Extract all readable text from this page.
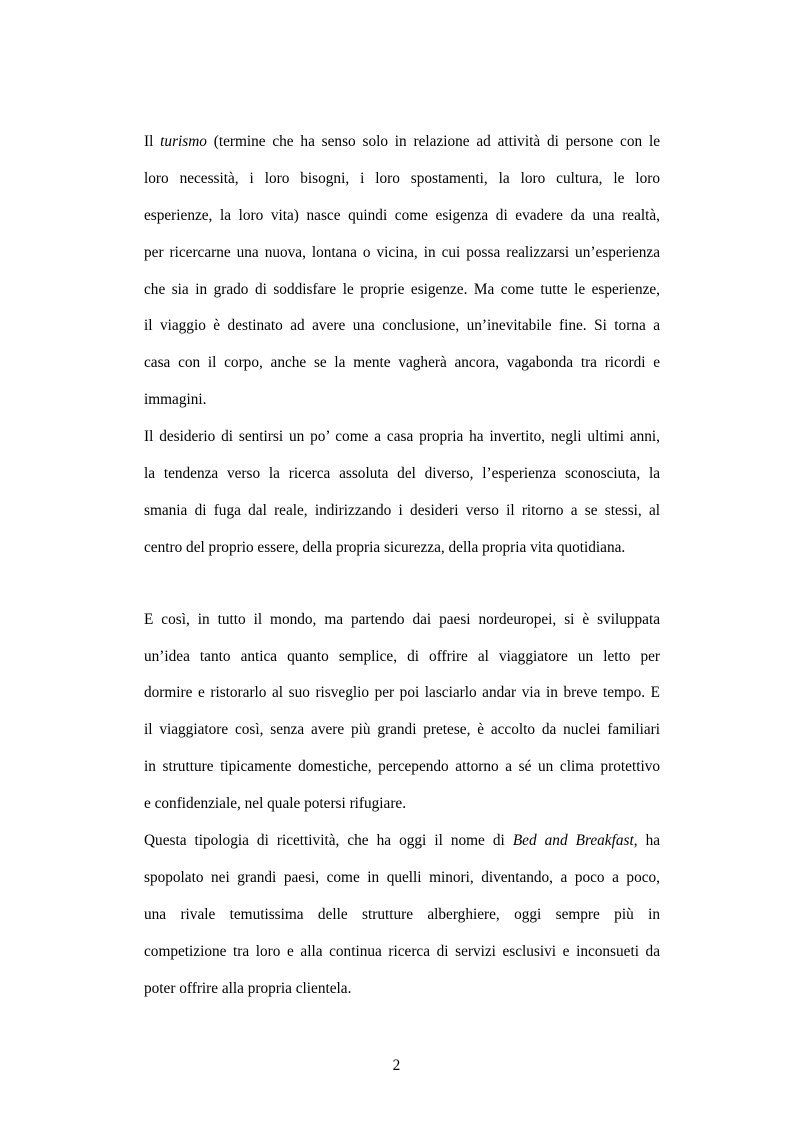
Il turismo (termine che ha senso solo in relazione ad attività di persone con le
loro necessità, i loro bisogni, i loro spostamenti, la loro cultura, le loro
esperienze, la loro vita) nasce quindi come esigenza di evadere da una realtà,
per ricercarne una nuova, lontana o vicina, in cui possa realizzarsi un’esperienza
che sia in grado di soddisfare le proprie esigenze. Ma come tutte le esperienze,
il viaggio è destinato ad avere una conclusione, un’inevitabile fine. Si torna a
casa con il corpo, anche se la mente vagherà ancora, vagabonda tra ricordi e
immagini.
Il desiderio di sentirsi un po’ come a casa propria ha invertito, negli ultimi anni,
la tendenza verso la ricerca assoluta del diverso, l’esperienza sconosciuta, la
smania di fuga dal reale, indirizzando i desideri verso il ritorno a se stessi, al
centro del proprio essere, della propria sicurezza, della propria vita quotidiana.
E così, in tutto il mondo, ma partendo dai paesi nordeuropei, si è sviluppata
un’idea tanto antica quanto semplice, di offrire al viaggiatore un letto per
dormire e ristorarlo al suo risveglio per poi lasciarlo andar via in breve tempo. E
il viaggiatore così, senza avere più grandi pretese, è accolto da nuclei familiari
in strutture tipicamente domestiche, percependo attorno a sé un clima protettivo
e confidenziale, nel quale potersi rifugiare.
Questa tipologia di ricettività, che ha oggi il nome di Bed and Breakfast, ha
spopolato nei grandi paesi, come in quelli minori, diventando, a poco a poco,
una rivale temutissima delle strutture alberghiere, oggi sempre più in
competizione tra loro e alla continua ricerca di servizi esclusivi e inconsueti da
poter offrire alla propria clientela.
2
